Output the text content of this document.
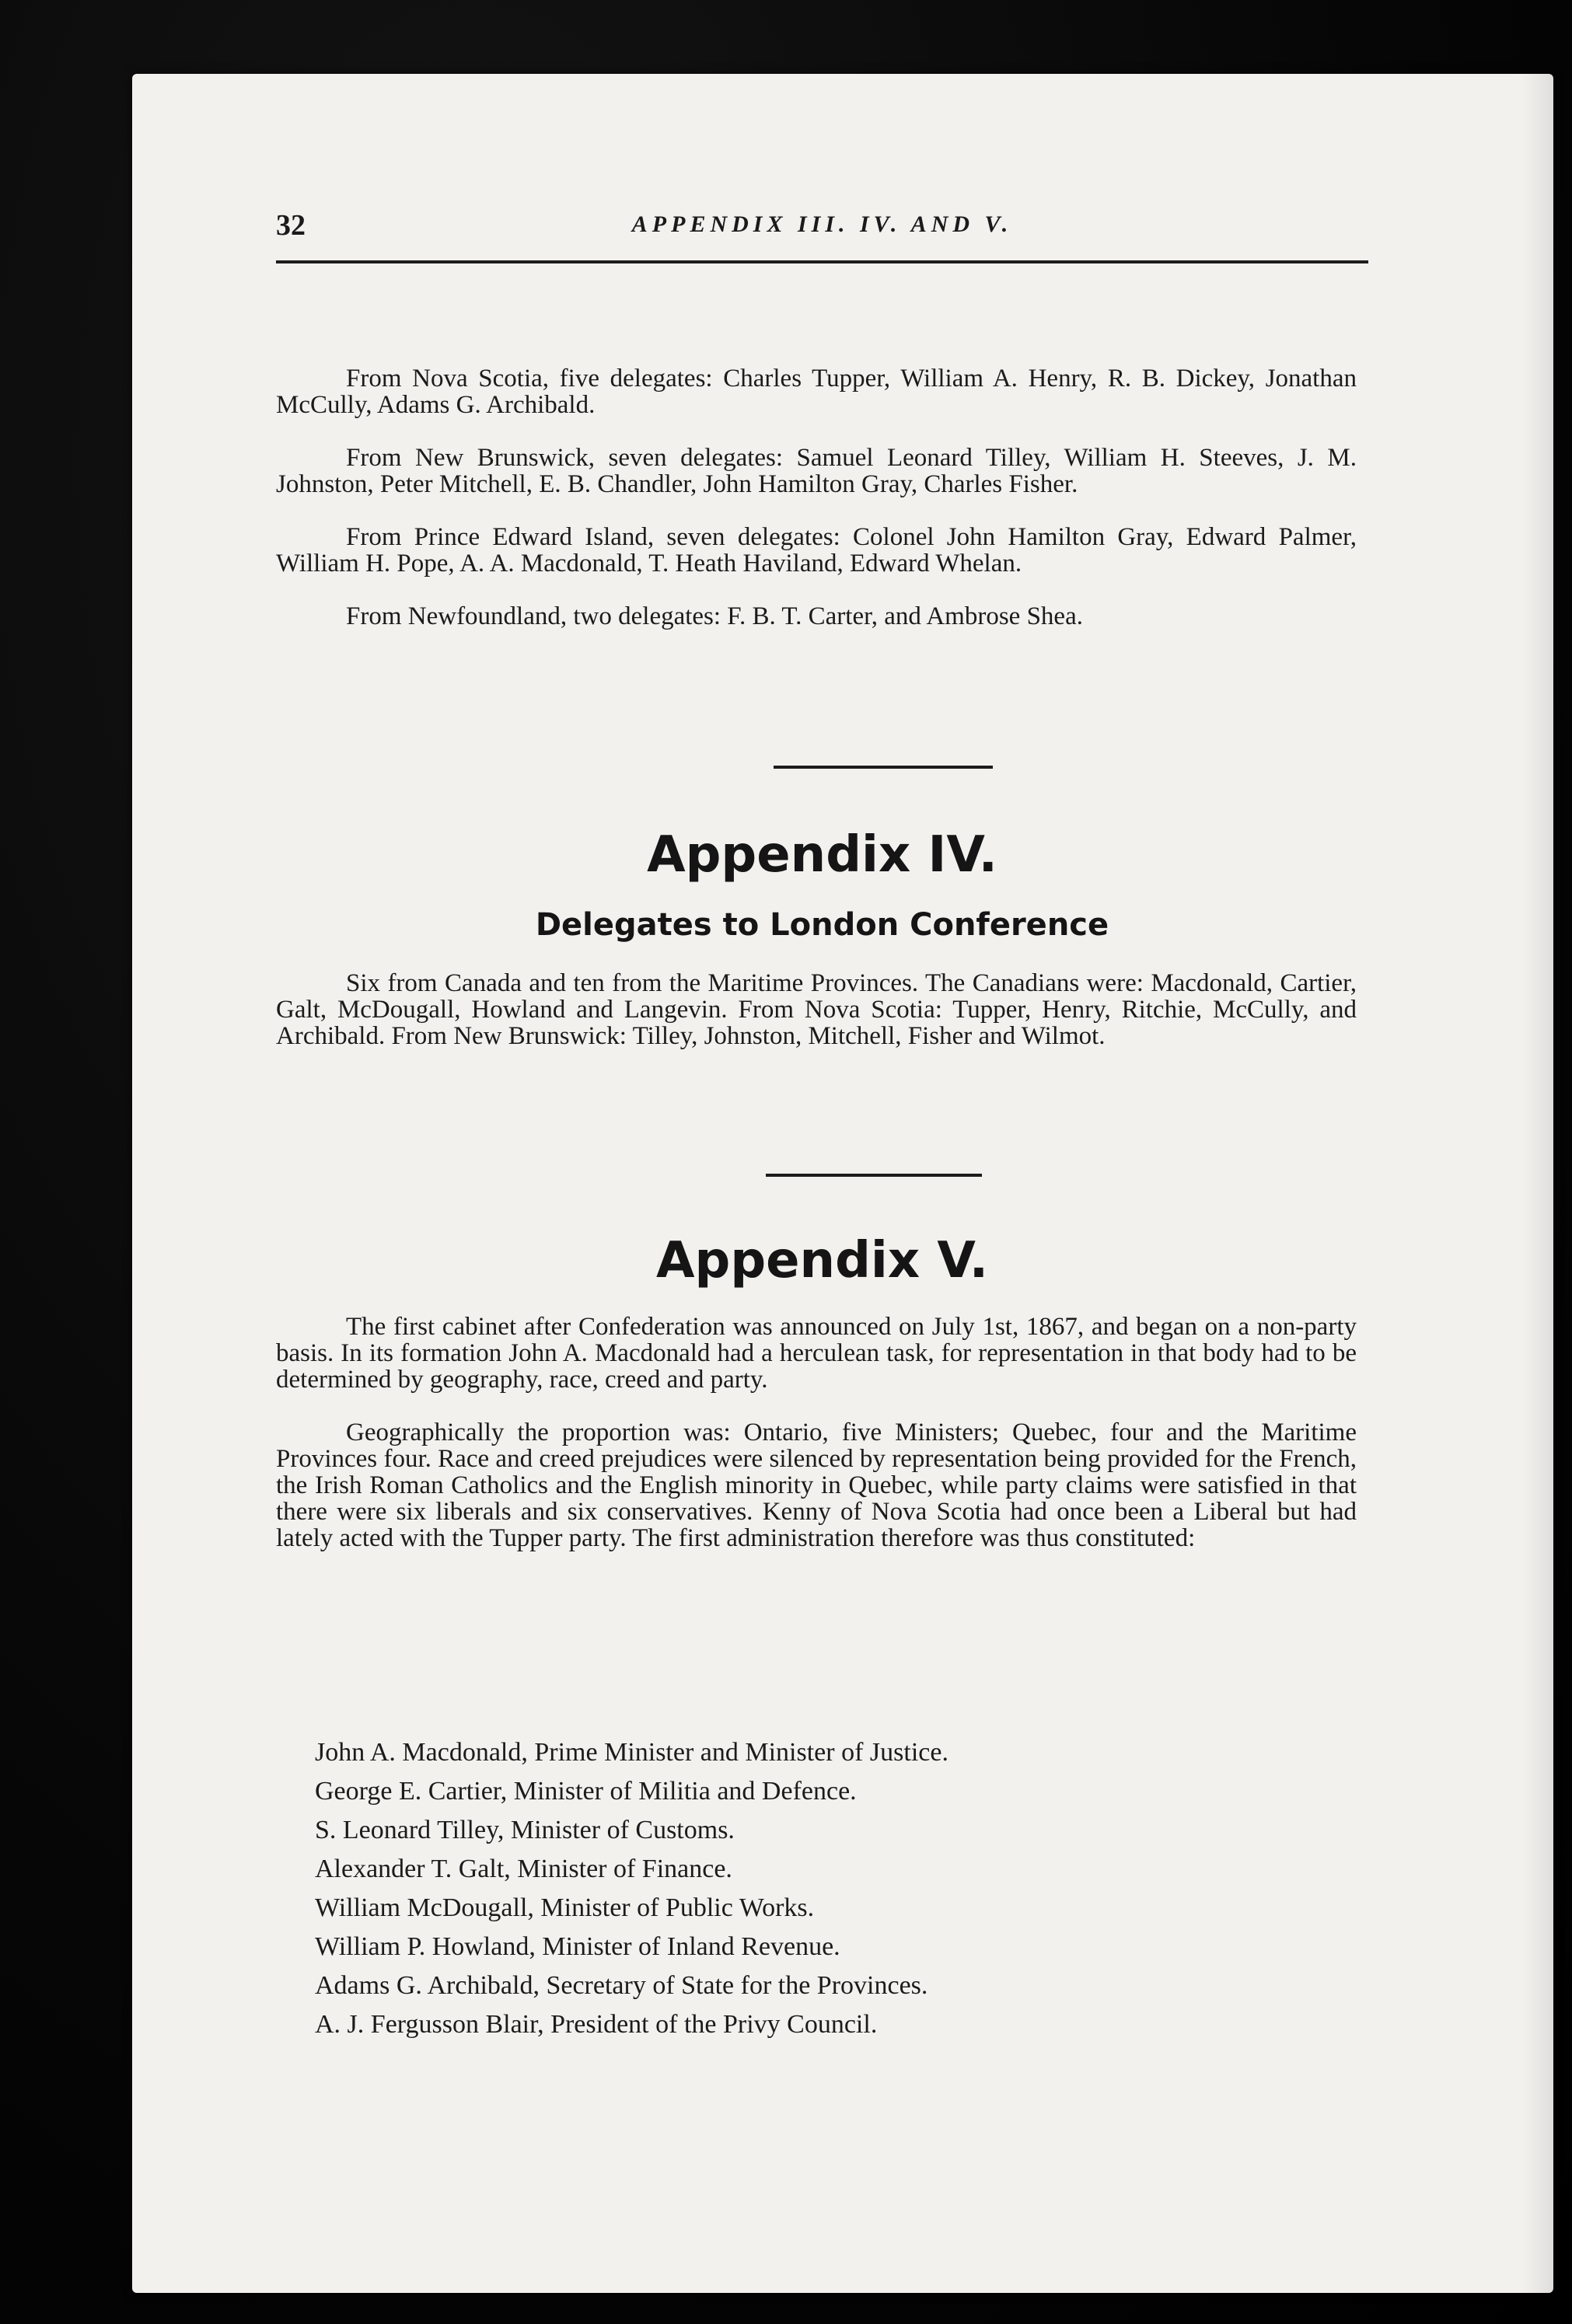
32	APPENDIX III. IV. AND V.

From Nova Scotia, five delegates: Charles Tupper, William A. Henry, R. B. Dickey, Jonathan McCully, Adams G. Archibald.

From New Brunswick, seven delegates: Samuel Leonard Tilley, William H. Steeves, J. M. Johnston, Peter Mitchell, E. B. Chandler, John Hamilton Gray, Charles Fisher.

From Prince Edward Island, seven delegates: Colonel John Hamilton Gray, Edward Palmer, William H. Pope, A. A. Macdonald, T. Heath Haviland, Edward Whelan.

From Newfoundland, two delegates: F. B. T. Carter, and Ambrose Shea.

Appendix IV.
Delegates to London Conference

Six from Canada and ten from the Maritime Provinces. The Canadians were: Macdonald, Cartier, Galt, McDougall, Howland and Langevin. From Nova Scotia: Tupper, Henry, Ritchie, McCully, and Archibald. From New Brunswick: Tilley, Johnston, Mitchell, Fisher and Wilmot.

Appendix V.

The first cabinet after Confederation was announced on July 1st, 1867, and began on a non-party basis. In its formation John A. Macdonald had a herculean task, for representation in that body had to be determined by geography, race, creed and party.

Geographically the proportion was: Ontario, five Ministers; Quebec, four and the Maritime Provinces four. Race and creed prejudices were silenced by representation being provided for the French, the Irish Roman Catholics and the English minority in Quebec, while party claims were satisfied in that there were six liberals and six conservatives. Kenny of Nova Scotia had once been a Liberal but had lately acted with the Tupper party. The first administration therefore was thus constituted:

John A. Macdonald, Prime Minister and Minister of Justice.
George E. Cartier, Minister of Militia and Defence.
S. Leonard Tilley, Minister of Customs.
Alexander T. Galt, Minister of Finance.
William McDougall, Minister of Public Works.
William P. Howland, Minister of Inland Revenue.
Adams G. Archibald, Secretary of State for the Provinces.
A. J. Fergusson Blair, President of the Privy Council.
